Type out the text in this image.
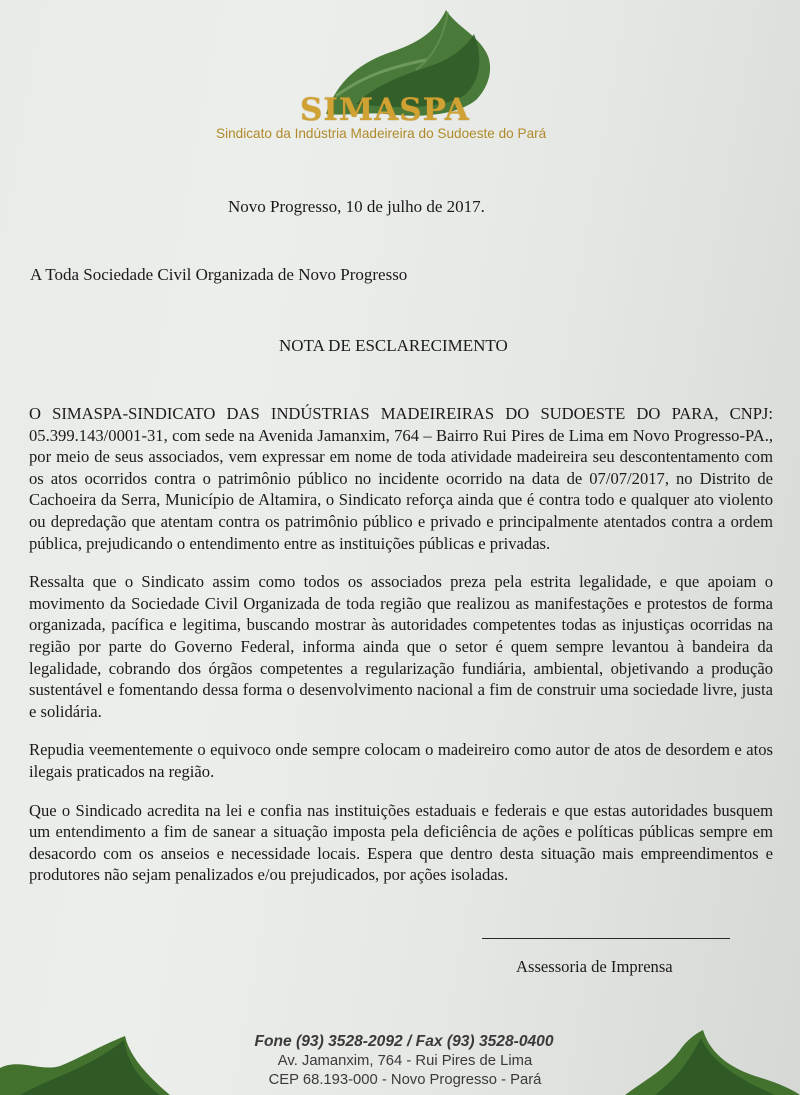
SIMASPA
Sindicato da Indústria Madeireira do Sudoeste do Pará
Novo Progresso, 10 de julho de 2017.
A Toda Sociedade Civil Organizada de Novo Progresso
NOTA DE ESCLARECIMENTO

O SIMASPA-SINDICATO DAS INDÚSTRIAS MADEIREIRAS DO SUDOESTE DO PARA, CNPJ: 05.399.143/0001-31, com sede na Avenida Jamanxim, 764 – Bairro Rui Pires de Lima em Novo Progresso-PA., por meio de seus associados, vem expressar em nome de toda atividade madeireira seu descontentamento com os atos ocorridos contra o patrimônio público no incidente ocorrido na data de 07/07/2017, no Distrito de Cachoeira da Serra, Município de Altamira, o Sindicato reforça ainda que é contra todo e qualquer ato violento ou depredação que atentam contra os patrimônio público e privado e principalmente atentados contra a ordem pública, prejudicando o entendimento entre as instituições públicas e privadas.

Ressalta que o Sindicato assim como todos os associados preza pela estrita legalidade, e que apoiam o movimento da Sociedade Civil Organizada de toda região que realizou as manifestações e protestos de forma organizada, pacífica e legitima, buscando mostrar às autoridades competentes todas as injustiças ocorridas na região por parte do Governo Federal, informa ainda que o setor é quem sempre levantou à bandeira da legalidade, cobrando dos órgãos competentes a regularização fundiária, ambiental, objetivando a produção sustentável e fomentando dessa forma o desenvolvimento nacional a fim de construir uma sociedade livre, justa e solidária.

Repudia veementemente o equivoco onde sempre colocam o madeireiro como autor de atos de desordem e atos ilegais praticados na região.

Que o Sindicado acredita na lei e confia nas instituições estaduais e federais e que estas autoridades busquem um entendimento a fim de sanear a situação imposta pela deficiência de ações e políticas públicas sempre em desacordo com os anseios e necessidade locais. Espera que dentro desta situação mais empreendimentos e produtores não sejam penalizados e/ou prejudicados, por ações isoladas.

Assessoria de Imprensa
Fone (93) 3528-2092 / Fax (93) 3528-0400
Av. Jamanxim, 764 - Rui Pires de Lima
CEP 68.193-000 - Novo Progresso - Pará
